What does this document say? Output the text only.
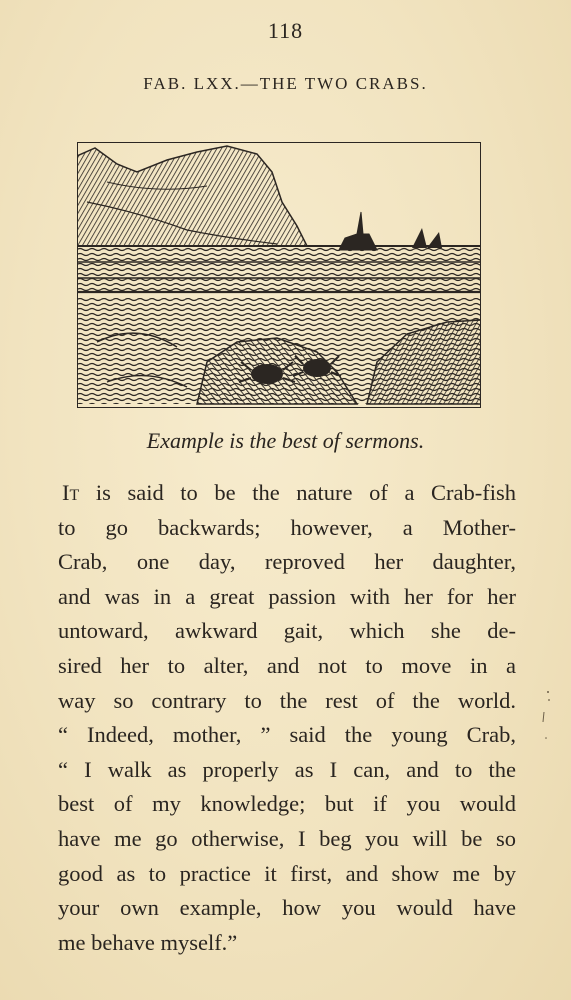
118
FAB. LXX.—THE TWO CRABS.
Example is the best of sermons.
It is said to be the nature of a Crab-fish
to go backwards; however, a Mother-
Crab, one day, reproved her daughter,
and was in a great passion with her for her
untoward, awkward gait, which she de-
sired her to alter, and not to move in a
way so contrary to the rest of the world.
“ Indeed, mother, ” said the young Crab,
“ I walk as properly as I can, and to the
best of my knowledge; but if you would
have me go otherwise, I beg you will be so
good as to practice it first, and show me by
your own example, how you would have
me behave myself.”
